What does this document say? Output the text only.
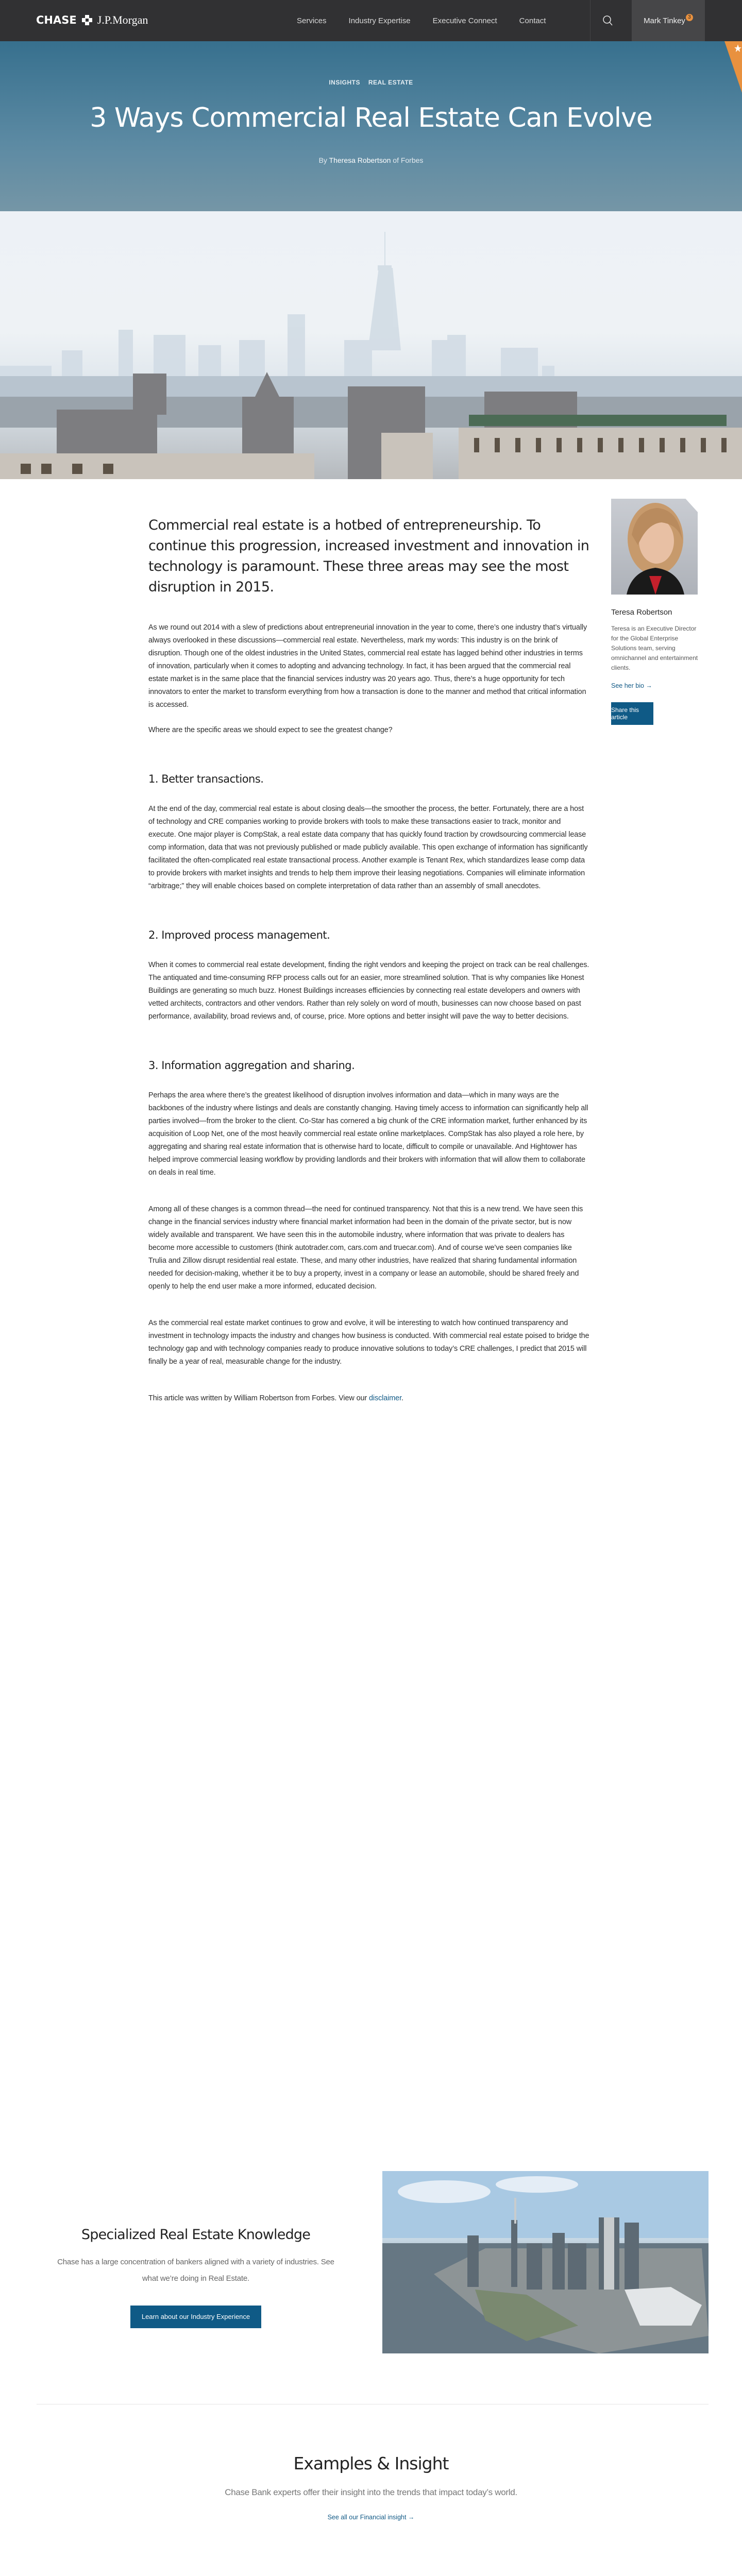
CHASE J.P.Morgan	Services	Industry Expertise	Executive Connect	Contact	Mark Tinkey 3
INSIGHTS REAL ESTATE
3 Ways Commercial Real Estate Can Evolve
By Theresa Robertson of Forbes
Commercial real estate is a hotbed of entrepreneurship. To continue this progression, increased investment and innovation in technology is paramount. These three areas may see the most disruption in 2015.

As we round out 2014 with a slew of predictions about entrepreneurial innovation in the year to come, there’s one industry that’s virtually always overlooked in these discussions—commercial real estate. Nevertheless, mark my words: This industry is on the brink of disruption. Though one of the oldest industries in the United States, commercial real estate has lagged behind other industries in terms of innovation, particularly when it comes to adopting and advancing technology. In fact, it has been argued that the commercial real estate market is in the same place that the financial services industry was 20 years ago. Thus, there’s a huge opportunity for tech innovators to enter the market to transform everything from how a transaction is done to the manner and method that critical information is accessed.

Where are the specific areas we should expect to see the greatest change?

1. Better transactions.

At the end of the day, commercial real estate is about closing deals—the smoother the process, the better. Fortunately, there are a host of technology and CRE companies working to provide brokers with tools to make these transactions easier to track, monitor and execute. One major player is CompStak, a real estate data company that has quickly found traction by crowdsourcing commercial lease comp information, data that was not previously published or made publicly available. This open exchange of information has significantly facilitated the often-complicated real estate transactional process. Another example is Tenant Rex, which standardizes lease comp data to provide brokers with market insights and trends to help them improve their leasing negotiations. Companies will eliminate information “arbitrage;” they will enable choices based on complete interpretation of data rather than an assembly of small anecdotes.

2. Improved process management.

When it comes to commercial real estate development, finding the right vendors and keeping the project on track can be real challenges. The antiquated and time-consuming RFP process calls out for an easier, more streamlined solution. That is why companies like Honest Buildings are generating so much buzz. Honest Buildings increases efficiencies by connecting real estate developers and owners with vetted architects, contractors and other vendors. Rather than rely solely on word of mouth, businesses can now choose based on past performance, availability, broad reviews and, of course, price. More options and better insight will pave the way to better decisions.

3. Information aggregation and sharing.

Perhaps the area where there’s the greatest likelihood of disruption involves information and data—which in many ways are the backbones of the industry where listings and deals are constantly changing. Having timely access to information can significantly help all parties involved—from the broker to the client. Co-Star has cornered a big chunk of the CRE information market, further enhanced by its acquisition of Loop Net, one of the most heavily commercial real estate online marketplaces. CompStak has also played a role here, by aggregating and sharing real estate information that is otherwise hard to locate, difficult to compile or unavailable. And Hightower has helped improve commercial leasing workflow by providing landlords and their brokers with information that will allow them to collaborate on deals in real time.

Among all of these changes is a common thread—the need for continued transparency. Not that this is a new trend. We have seen this change in the financial services industry where financial market information had been in the domain of the private sector, but is now widely available and transparent. We have seen this in the automobile industry, where information that was private to dealers has become more accessible to customers (think autotrader.com, cars.com and truecar.com). And of course we’ve seen companies like Trulia and Zillow disrupt residential real estate. These, and many other industries, have realized that sharing fundamental information needed for decision-making, whether it be to buy a property, invest in a company or lease an automobile, should be shared freely and openly to help the end user make a more informed, educated decision.

As the commercial real estate market continues to grow and evolve, it will be interesting to watch how continued transparency and investment in technology impacts the industry and changes how business is conducted. With commercial real estate poised to bridge the technology gap and with technology companies ready to produce innovative solutions to today’s CRE challenges, I predict that 2015 will finally be a year of real, measurable change for the industry.

This article was written by William Robertson from Forbes. View our disclaimer.

Teresa Robertson
Teresa is an Executive Director for the Global Enterprise Solutions team, serving omnichannel and entertainment clients.
See her bio →
Share this article
Specialized Real Estate Knowledge

Chase has a large concentration of bankers aligned with a variety of industries. See what we’re doing in Real Estate.

Learn about our Industry Experience
Examples & Insight

Chase Bank experts offer their insight into the trends that impact today’s world.

See all our Financial insight →
